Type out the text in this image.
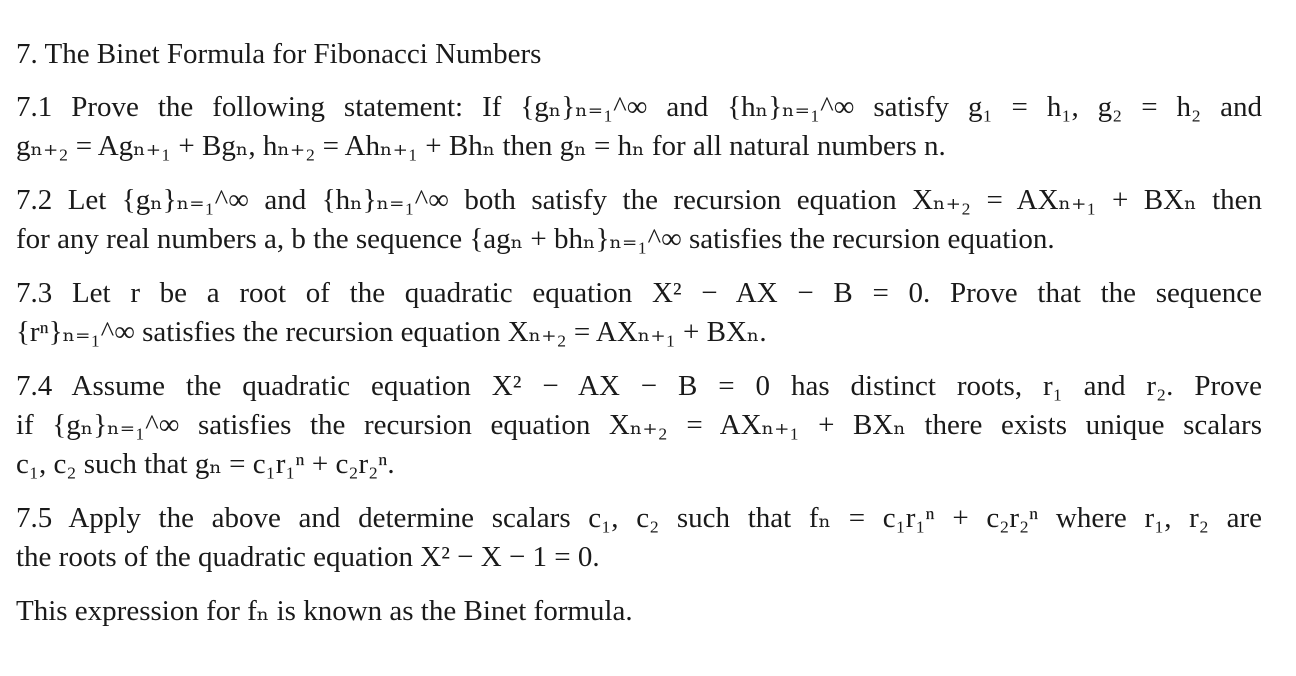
7. The Binet Formula for Fibonacci Numbers
7.1 Prove the following statement: If {gₙ}ₙ₌₁^∞ and {hₙ}ₙ₌₁^∞ satisfy g₁ = h₁, g₂ = h₂ and
gₙ₊₂ = Agₙ₊₁ + Bgₙ, hₙ₊₂ = Ahₙ₊₁ + Bhₙ then gₙ = hₙ for all natural numbers n.
7.2 Let {gₙ}ₙ₌₁^∞ and {hₙ}ₙ₌₁^∞ both satisfy the recursion equation Xₙ₊₂ = AXₙ₊₁ + BXₙ then
for any real numbers a, b the sequence {agₙ + bhₙ}ₙ₌₁^∞ satisfies the recursion equation.
7.3 Let r be a root of the quadratic equation X² − AX − B = 0. Prove that the sequence
{rⁿ}ₙ₌₁^∞ satisfies the recursion equation Xₙ₊₂ = AXₙ₊₁ + BXₙ.
7.4 Assume the quadratic equation X² − AX − B = 0 has distinct roots, r₁ and r₂. Prove
if {gₙ}ₙ₌₁^∞ satisfies the recursion equation Xₙ₊₂ = AXₙ₊₁ + BXₙ there exists unique scalars
c₁, c₂ such that gₙ = c₁r₁ⁿ + c₂r₂ⁿ.
7.5 Apply the above and determine scalars c₁, c₂ such that fₙ = c₁r₁ⁿ + c₂r₂ⁿ where r₁, r₂ are
the roots of the quadratic equation X² − X − 1 = 0.
This expression for fₙ is known as the Binet formula.
